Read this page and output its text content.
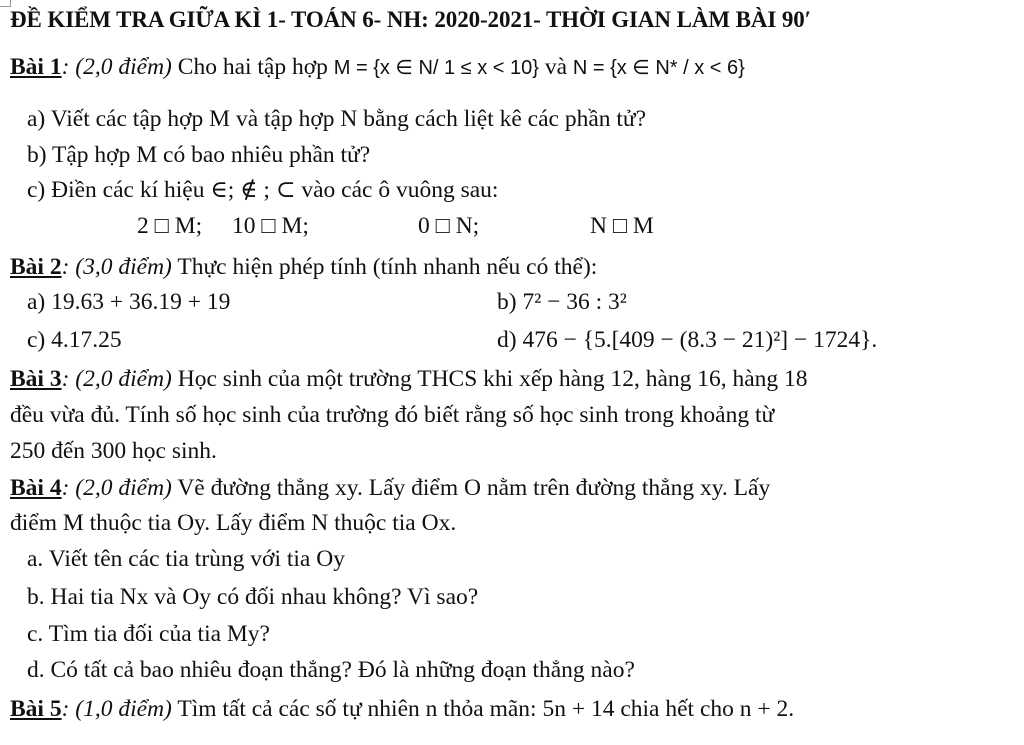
ĐỀ KIỂM TRA GIỮA KÌ 1- TOÁN 6- NH: 2020-2021- THỜI GIAN LÀM BÀI 90′
Bài 1: (2,0 điểm) Cho hai tập hợp M = {x ∈ N/ 1 ≤ x < 10} và N = {x ∈ N* / x < 6}
a) Viết các tập hợp M và tập hợp N bằng cách liệt kê các phần tử?
b) Tập hợp M có bao nhiêu phần tử?
c) Điền các kí hiệu ∈; ∉ ; ⊂ vào các ô vuông sau:
2 □ M; 10 □ M;	0 □ N;	N □ M
Bài 2: (3,0 điểm) Thực hiện phép tính (tính nhanh nếu có thể):
a) 19.63 + 36.19 + 19	b) 7² − 36 : 3²
c) 4.17.25	d) 476 − {5.[409 − (8.3 − 21)²] − 1724}.
Bài 3: (2,0 điểm) Học sinh của một trường THCS khi xếp hàng 12, hàng 16, hàng 18
đều vừa đủ. Tính số học sinh của trường đó biết rằng số học sinh trong khoảng từ
250 đến 300 học sinh.
Bài 4: (2,0 điểm) Vẽ đường thẳng xy. Lấy điểm O nằm trên đường thẳng xy. Lấy
điểm M thuộc tia Oy. Lấy điểm N thuộc tia Ox.
a. Viết tên các tia trùng với tia Oy
b. Hai tia Nx và Oy có đối nhau không? Vì sao?
c. Tìm tia đối của tia My?
d. Có tất cả bao nhiêu đoạn thẳng? Đó là những đoạn thẳng nào?
Bài 5: (1,0 điểm) Tìm tất cả các số tự nhiên n thỏa mãn: 5n + 14 chia hết cho n + 2.
